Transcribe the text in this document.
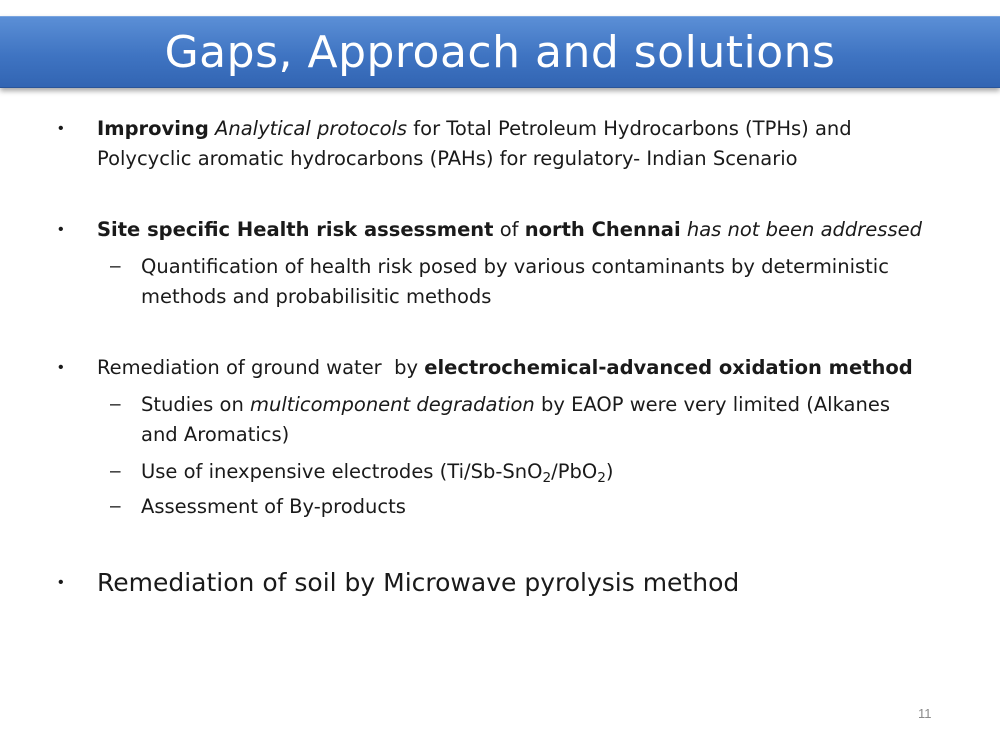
Gaps, Approach and solutions
• Improving Analytical protocols for Total Petroleum Hydrocarbons (TPHs) and Polycyclic aromatic hydrocarbons (PAHs) for regulatory- Indian Scenario
• Site specific Health risk assessment of north Chennai has not been addressed
– Quantification of health risk posed by various contaminants by deterministic methods and probabilisitic methods
• Remediation of ground water  by electrochemical-advanced oxidation method
– Studies on multicomponent degradation by EAOP were very limited (Alkanes and Aromatics)
– Use of inexpensive electrodes (Ti/Sb-SnO$_2$/PbO$_2$)
– Assessment of By-products
• Remediation of soil by Microwave pyrolysis method
11
